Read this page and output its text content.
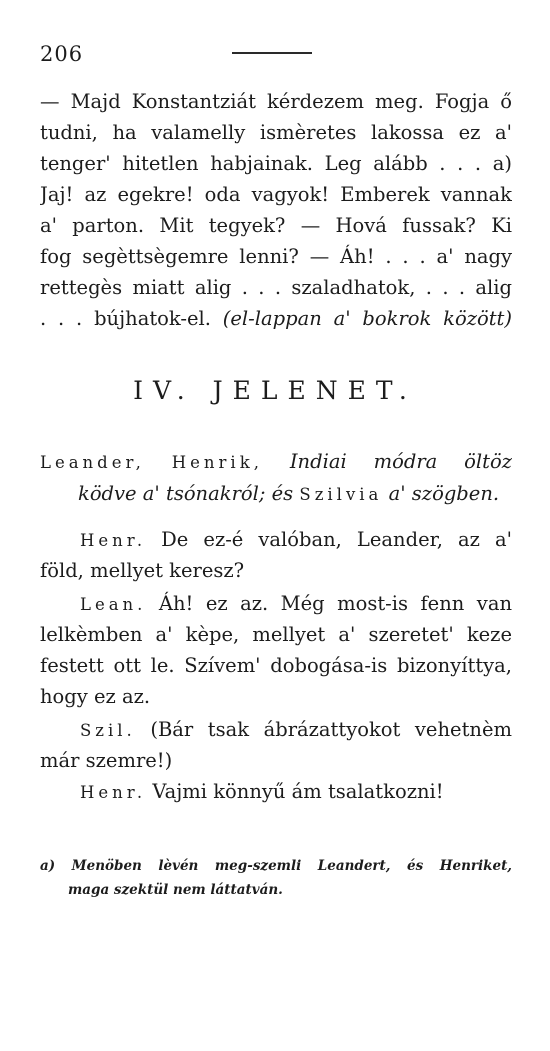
206
— Majd Konstantziát kérdezem meg. Fogja ő
tudni, ha valamelly ismèretes lakossa ez a'
tenger' hitetlen habjainak. Leg alább . . . a)
Jaj! az egekre! oda vagyok! Emberek vannak
a' parton. Mit tegyek? — Hová fussak? Ki
fog segèttsègemre lenni? — Áh! . . . a' nagy
rettegès miatt alig . . . szaladhatok, . . . alig
. . . bújhatok-el. (el-lappan a' bokrok között)
IV. JELENET.
Leander, Henrik, Indiai módra öltöz
ködve a' tsónakról; és Szilvia a' szögben.
Henr. De ez-é valóban, Leander, az a'
föld, mellyet keresz?
Lean. Áh! ez az. Még most-is fenn van
lelkèmben a' kèpe, mellyet a' szeretet' keze
festett ott le. Szívem' dobogása-is bizonyíttya,
hogy ez az.
Szil. (Bár tsak ábrázattyokot vehetnèm
már szemre!)
Henr. Vajmi könnyű ám tsalatkozni!
a) Menöben lèvén meg-szemli Leandert, és Henriket,
maga szektül nem láttatván.
